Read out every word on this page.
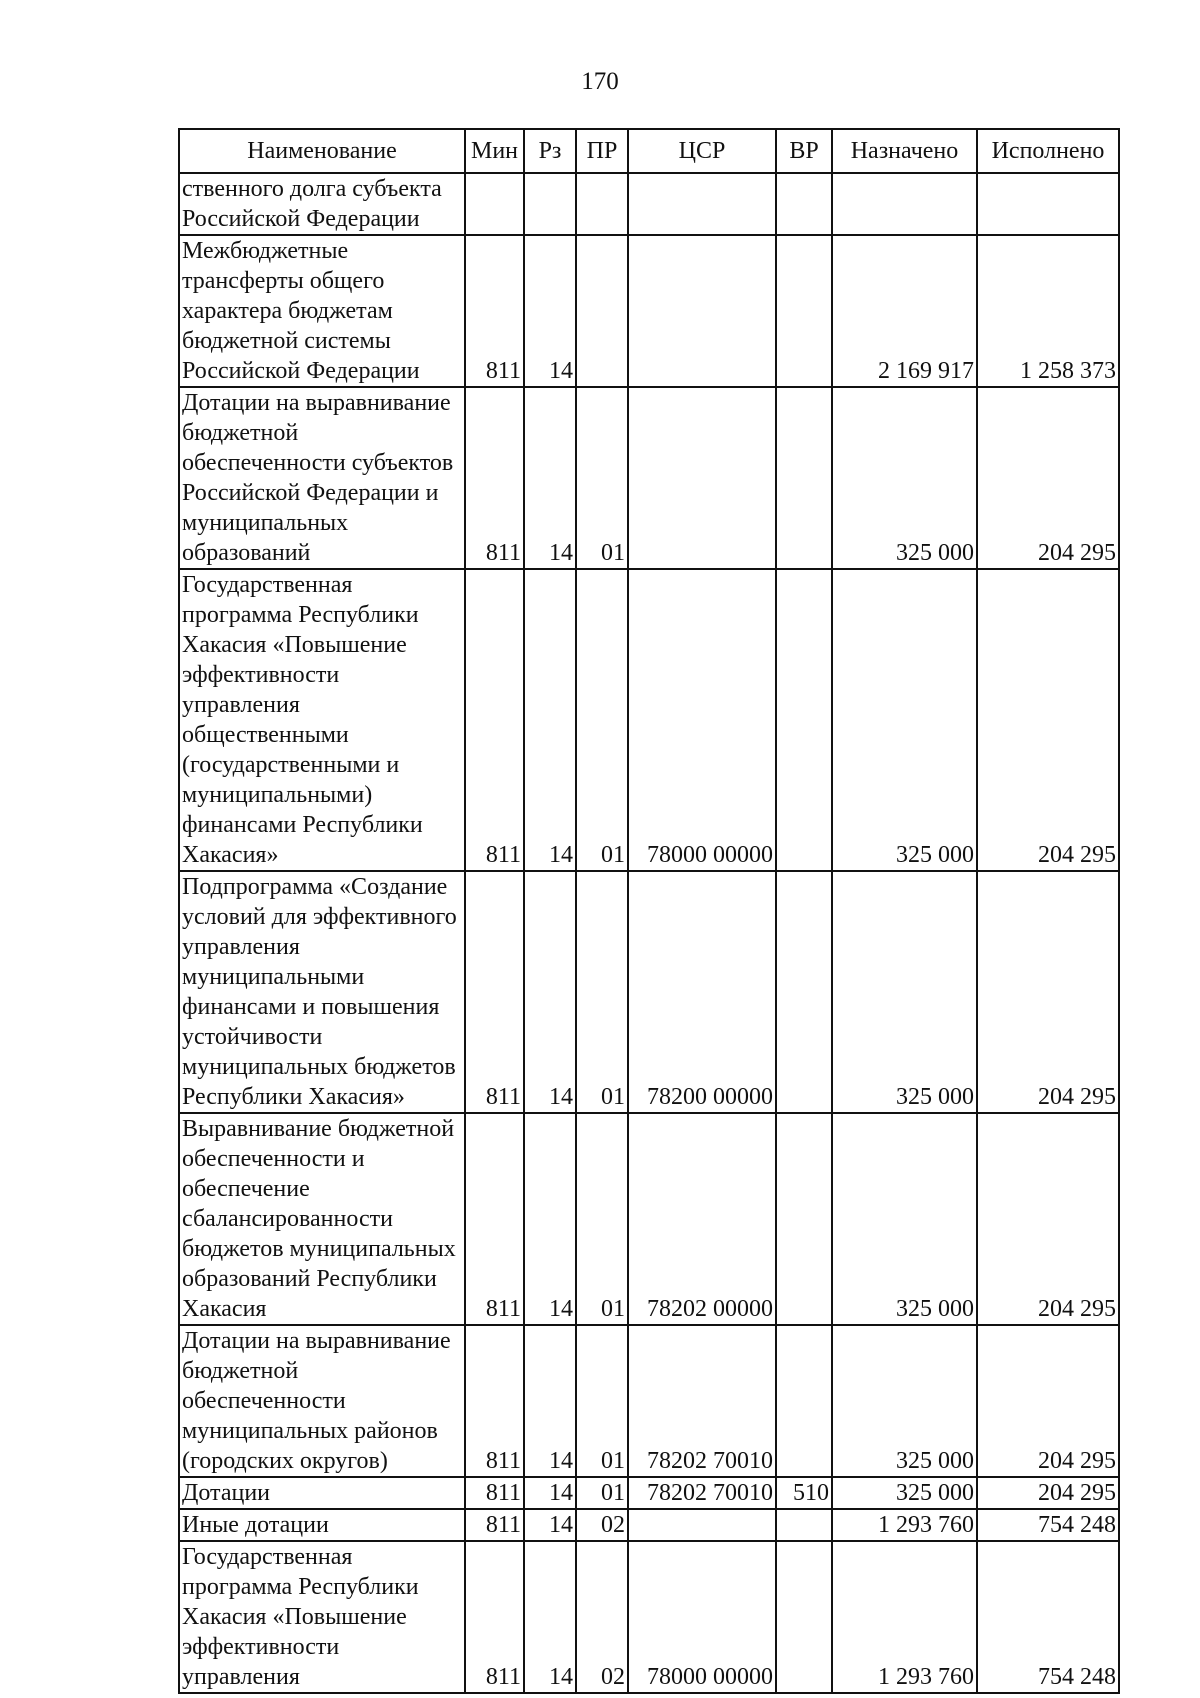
170
Наименование	Мин	Рз	ПР	ЦСР	ВР	Назначено	Исполнено
ственного долга субъекта Российской Федерации							
Межбюджетные трансферты общего характера бюджетам бюджетной системы Российской Федерации	811	14				2 169 917	1 258 373
Дотации на выравнивание бюджетной обеспеченности субъектов Российской Федерации и муниципальных образований	811	14	01			325 000	204 295
Государственная программа Республики Хакасия «Повышение эффективности управления общественными (государственными и муниципальными) финансами Республики Хакасия»	811	14	01	78000 00000		325 000	204 295
Подпрограмма «Создание условий для эффективного управления муниципальными финансами и повышения устойчивости муниципальных бюджетов Республики Хакасия»	811	14	01	78200 00000		325 000	204 295
Выравнивание бюджетной обеспеченности и обеспечение сбалансированности бюджетов муниципальных образований Республики Хакасия	811	14	01	78202 00000		325 000	204 295
Дотации на выравнивание бюджетной обеспеченности муниципальных районов (городских округов)	811	14	01	78202 70010		325 000	204 295
Дотации	811	14	01	78202 70010	510	325 000	204 295
Иные дотации	811	14	02			1 293 760	754 248
Государственная программа Республики Хакасия «Повышение эффективности управления	811	14	02	78000 00000		1 293 760	754 248
